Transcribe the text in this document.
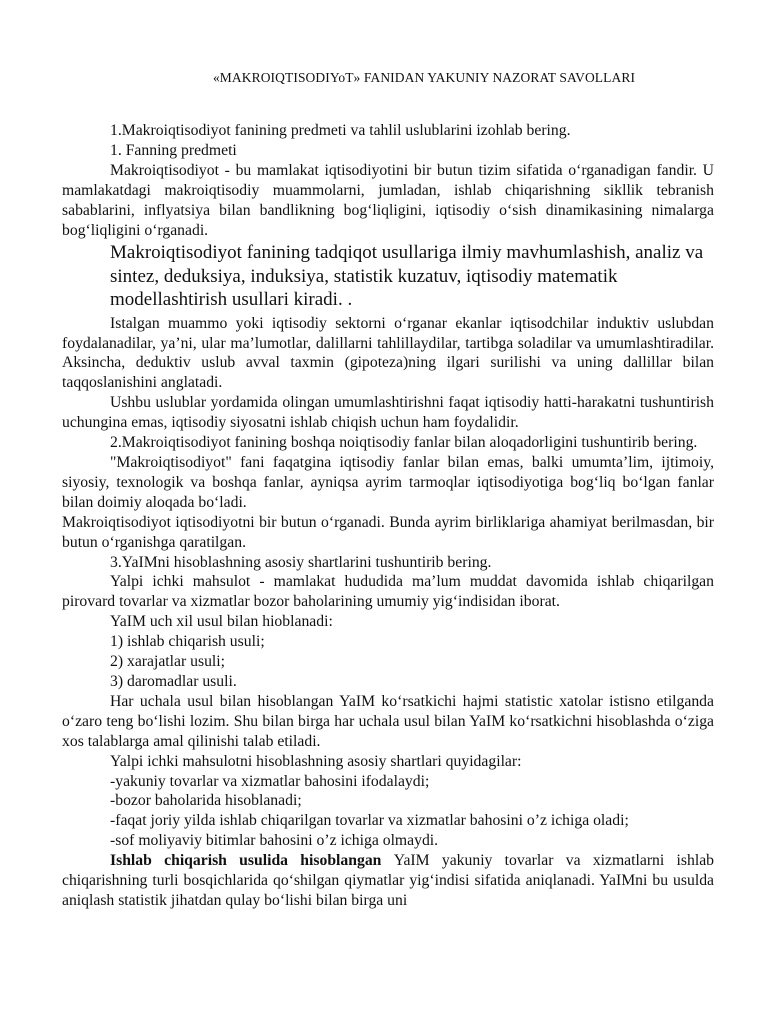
«MAKROIQTISODIYoT» FANIDAN YAKUNIY NAZORAT SAVOLLARI

1.Makroiqtisodiyot fanining predmeti va tahlil uslublarini izohlab bering.

1. Fanning predmeti

Makroiqtisodiyot - bu mamlakat iqtisodiyotini bir butun tizim sifatida o‘rganadigan fandir. U mamlakatdagi makroiqtisodiy muammolarni, jumladan, ishlab chiqarishning sikllik tebranish sabablarini, inflyatsiya bilan bandlikning bog‘liqligini, iqtisodiy o‘sish dinamikasining nimalarga bog‘liqligini o‘rganadi.

Makroiqtisodiyot fanining tadqiqot usullariga ilmiy mavhumlashish, analiz va sintez, deduksiya, induksiya, statistik kuzatuv, iqtisodiy matematik modellashtirish usullari kiradi. .

Istalgan muammo yoki iqtisodiy sektorni o‘rganar ekanlar iqtisodchilar induktiv uslubdan foydalanadilar, ya’ni, ular ma’lumotlar, dalillarni tahlillaydilar, tartibga soladilar va umumlashtiradilar. Aksincha, deduktiv uslub avval taxmin (gipoteza)ning ilgari surilishi va uning dallillar bilan taqqoslanishini anglatadi.

Ushbu uslublar yordamida olingan umumlashtirishni faqat iqtisodiy hatti-harakatni tushuntirish uchungina emas, iqtisodiy siyosatni ishlab chiqish uchun ham foydalidir.

2.Makroiqtisodiyot fanining boshqa noiqtisodiy fanlar bilan aloqadorligini tushuntirib bering.

"Makroiqtisodiyot" fani faqatgina iqtisodiy fanlar bilan emas, balki umumta’lim, ijtimoiy, siyosiy, texnologik va boshqa fanlar, ayniqsa ayrim tarmoqlar iqtisodiyotiga bog‘liq bo‘lgan fanlar bilan doimiy aloqada bo‘ladi.

Makroiqtisodiyot iqtisodiyotni bir butun o‘rganadi. Bunda ayrim birliklariga ahamiyat berilmasdan, bir butun o‘rganishga qaratilgan.

3.YaIMni hisoblashning asosiy shartlarini tushuntirib bering.

Yalpi ichki mahsulot - mamlakat hududida ma’lum muddat davomida ishlab chiqarilgan pirovard tovarlar va xizmatlar bozor baholarining umumiy yig‘indisidan iborat.

YaIM uch xil usul bilan hioblanadi:

1) ishlab chiqarish usuli;

2) xarajatlar usuli;

3) daromadlar usuli.

Har uchala usul bilan hisoblangan YaIM ko‘rsatkichi hajmi statistic xatolar istisno etilganda o‘zaro teng bo‘lishi lozim. Shu bilan birga har uchala usul bilan YaIM ko‘rsatkichni hisoblashda o‘ziga xos talablarga amal qilinishi talab etiladi.

Yalpi ichki mahsulotni hisoblashning asosiy shartlari quyidagilar:

-yakuniy tovarlar va xizmatlar bahosini ifodalaydi;

-bozor baholarida hisoblanadi;

-faqat joriy yilda ishlab chiqarilgan tovarlar va xizmatlar bahosini o’z ichiga oladi;

-sof moliyaviy bitimlar bahosini o’z ichiga olmaydi.

Ishlab chiqarish usulida hisoblangan YaIM yakuniy tovarlar va xizmatlarni ishlab chiqarishning turli bosqichlarida qo‘shilgan qiymatlar yig‘indisi sifatida aniqlanadi. YaIMni bu usulda aniqlash statistik jihatdan qulay bo‘lishi bilan birga uni
